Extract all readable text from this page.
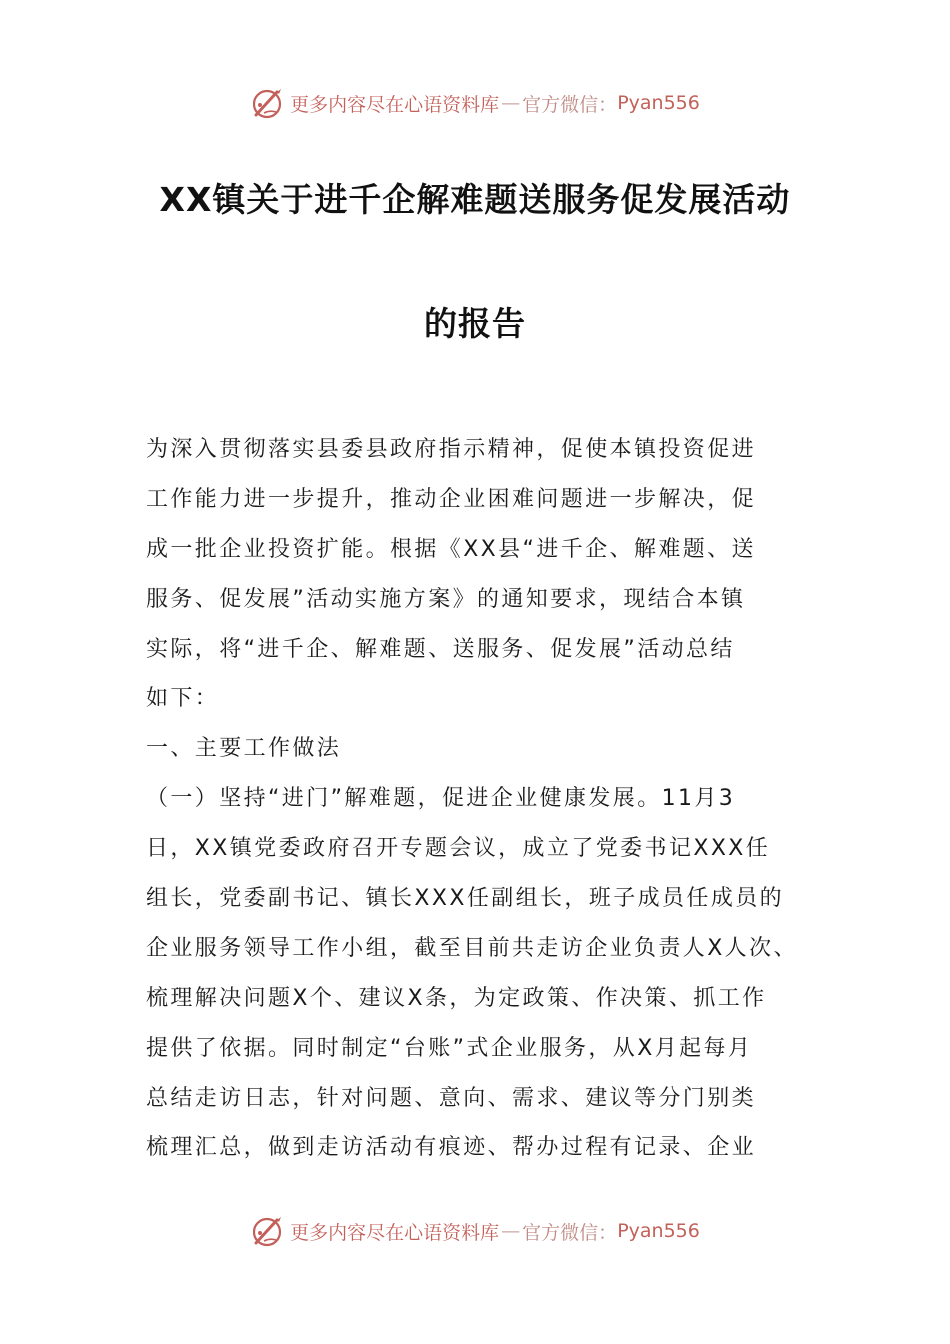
更多内容尽在心语资料库 — 官方微信： Pyan556
XX镇关于进千企解难题送服务促发展活动
的报告
为深入贯彻落实县委县政府指示精神，促使本镇投资促进
工作能力进一步提升，推动企业困难问题进一步解决，促
成一批企业投资扩能。根据《XX县“进千企、解难题、送
服务、促发展”活动实施方案》的通知要求，现结合本镇
实际，将“进千企、解难题、送服务、促发展”活动总结
如下：
一、主要工作做法
（一）坚持“进门”解难题，促进企业健康发展。11月3
日，XX镇党委政府召开专题会议，成立了党委书记XXX任
组长，党委副书记、镇长XXX任副组长，班子成员任成员的
企业服务领导工作小组，截至目前共走访企业负责人X人次、
梳理解决问题X个、建议X条，为定政策、作决策、抓工作
提供了依据。同时制定“台账”式企业服务，从X月起每月
总结走访日志，针对问题、意向、需求、建议等分门别类
梳理汇总，做到走访活动有痕迹、帮办过程有记录、企业
更多内容尽在心语资料库 — 官方微信： Pyan556
